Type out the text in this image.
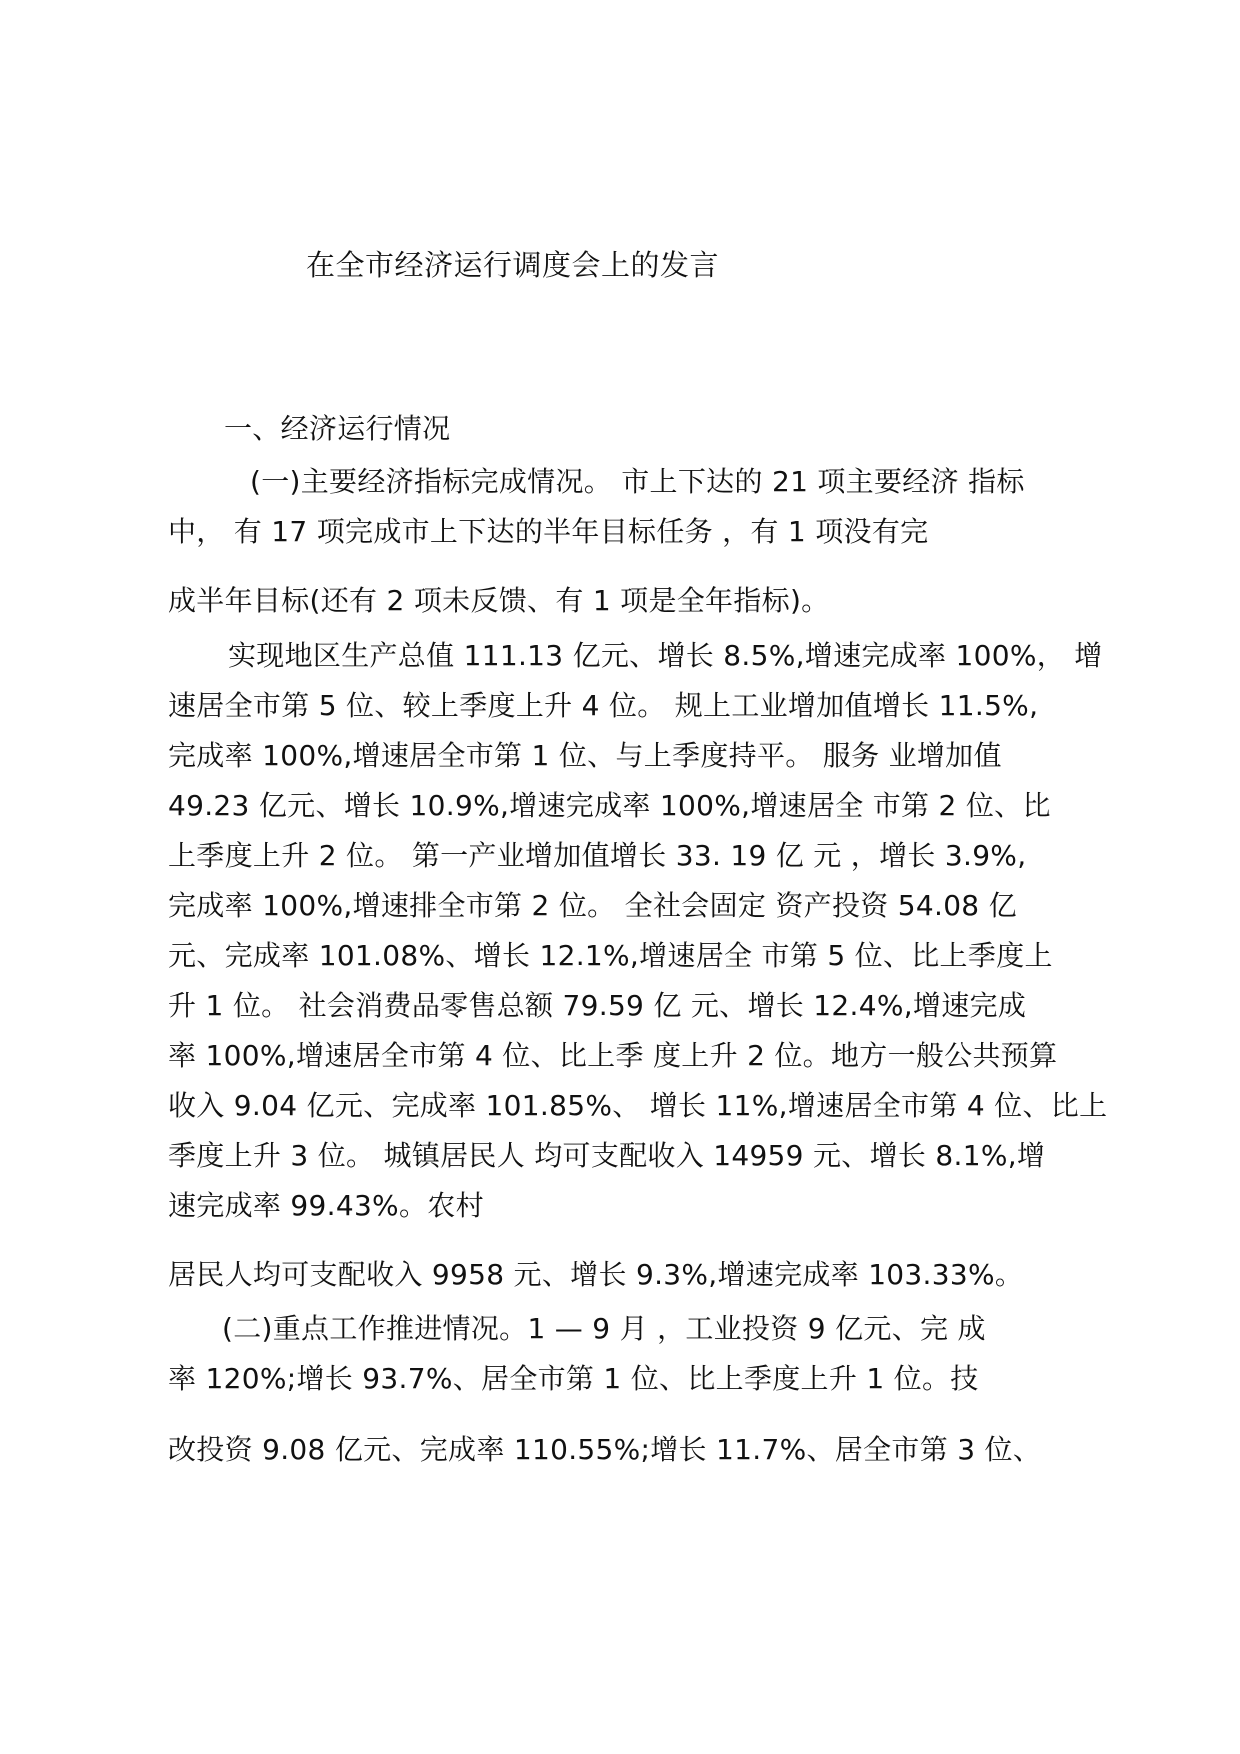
在全市经济运行调度会上的发言

一、经济运行情况

(一)主要经济指标完成情况。 市上下达的 21 项主要经济 指标

中， 有 17 项完成市上下达的半年目标任务 ，有 1 项没有完

成半年目标(还有 2 项未反馈、有 1 项是全年指标)。

实现地区生产总值 111.13 亿元、增长 8.5%,增速完成率 100%， 增

速居全市第 5 位、较上季度上升 4 位。 规上工业增加值增长 11.5%,

完成率 100%,增速居全市第 1 位、与上季度持平。 服务 业增加值

49.23 亿元、增长 10.9%,增速完成率 100%,增速居全 市第 2 位、比

上季度上升 2 位。 第一产业增加值增长 33. 19 亿 元 ，增长 3.9%,

完成率 100%,增速排全市第 2 位。 全社会固定 资产投资 54.08 亿

元、完成率 101.08%、增长 12.1%,增速居全 市第 5 位、比上季度上

升 1 位。 社会消费品零售总额 79.59 亿 元、增长 12.4%,增速完成

率 100%,增速居全市第 4 位、比上季 度上升 2 位。地方一般公共预算

收入 9.04 亿元、完成率 101.85%、 增长 11%,增速居全市第 4 位、比上

季度上升 3 位。 城镇居民人 均可支配收入 14959 元、增长 8.1%,增

速完成率 99.43%。农村

居民人均可支配收入 9958 元、增长 9.3%,增速完成率 103.33%。

(二)重点工作推进情况。1 — 9 月 ，工业投资 9 亿元、完 成

率 120%;增长 93.7%、居全市第 1 位、比上季度上升 1 位。技

改投资 9.08 亿元、完成率 110.55%;增长 11.7%、居全市第 3 位、
